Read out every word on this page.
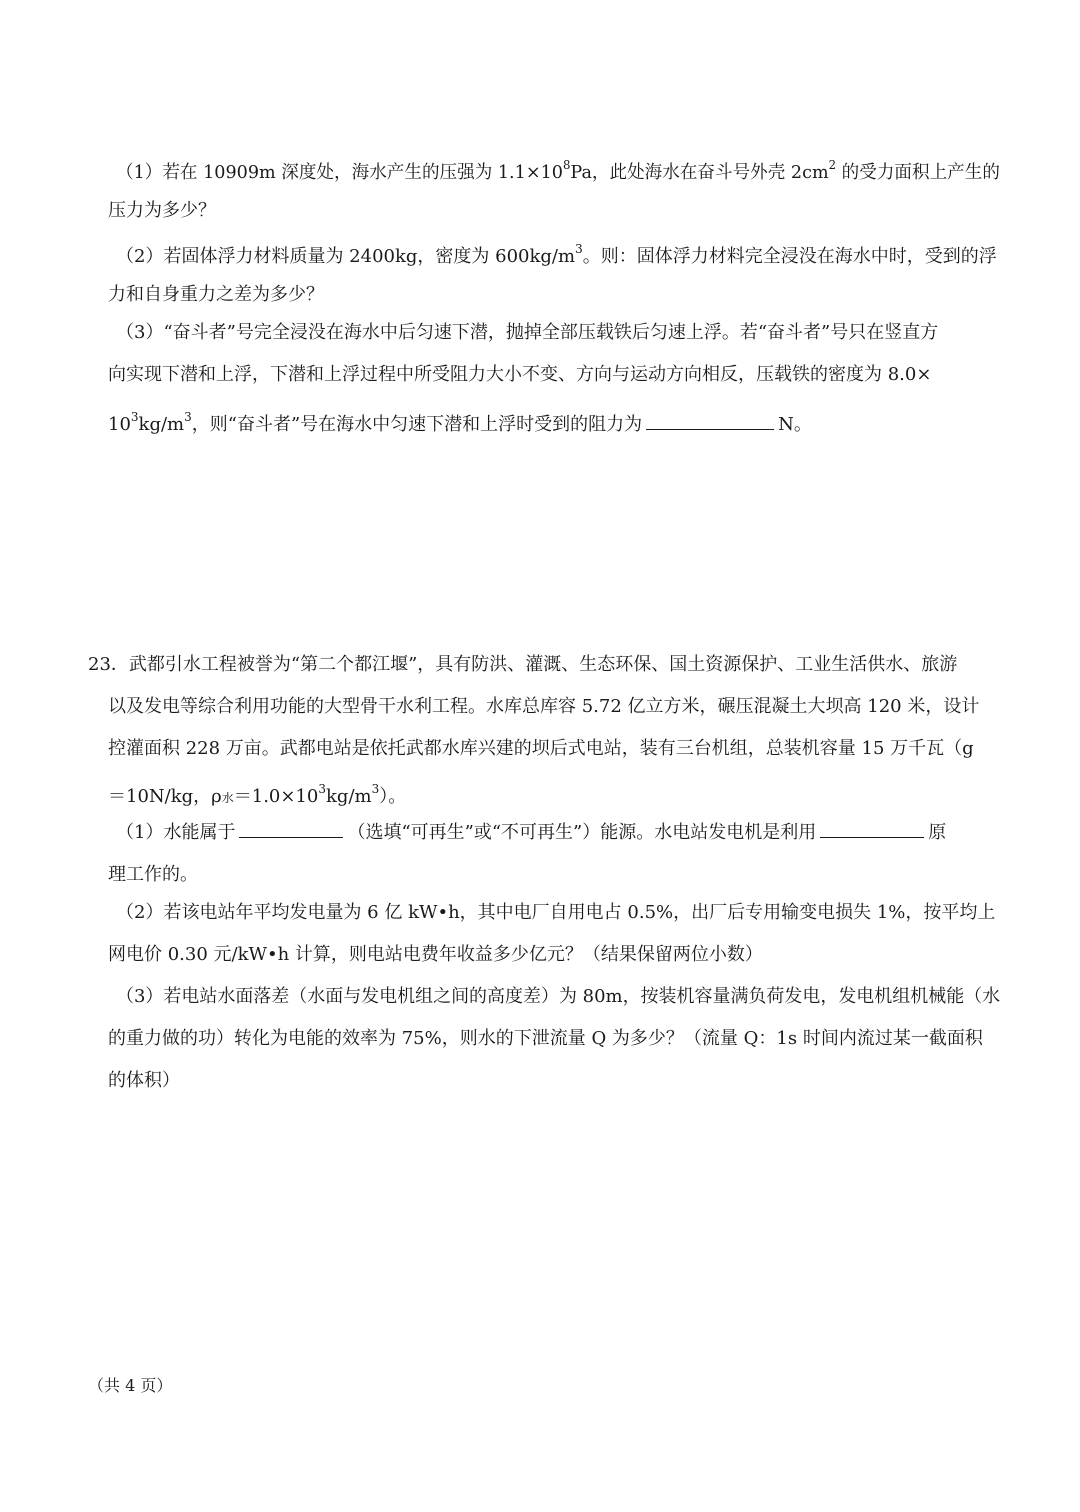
（1）若在 10909m 深度处，海水产生的压强为 $1.1\times 10^8Pa$，此处海水在奋斗号外壳 $2cm^2$ 的受力面积上产生的
压力为多少？
（2）若固体浮力材料质量为 2400kg，密度为 $600kg/m^3$。则：固体浮力材料完全浸没在海水中时，受到的浮
力和自身重力之差为多少？
（3）“奋斗者”号完全浸没在海水中后匀速下潜，抛掉全部压载铁后匀速上浮。若“奋斗者”号只在竖直方
向实现下潜和上浮，下潜和上浮过程中所受阻力大小不变、方向与运动方向相反，压载铁的密度为 8.0×
$10^3kg/m^3$，则“奋斗者”号在海水中匀速下潜和上浮时受到的阻力为	N。
23．武都引水工程被誉为“第二个都江堰”，具有防洪、灌溉、生态环保、国土资源保护、工业生活供水、旅游
以及发电等综合利用功能的大型骨干水利工程。水库总库容 5.72 亿立方米，碾压混凝土大坝高 120 米，设计
控灌面积 228 万亩。武都电站是依托武都水库兴建的坝后式电站，装有三台机组，总装机容量 15 万千瓦（g
＝10N/kg，ρ水$=1.0\times 10^3kg/m^3$）。
（1）水能属于	（选填“可再生”或“不可再生”）能源。水电站发电机是利用	原
理工作的。
（2）若该电站年平均发电量为 6 亿 kW•h，其中电厂自用电占 0.5%，出厂后专用输变电损失 1%，按平均上
网电价 0.30 元/kW•h 计算，则电站电费年收益多少亿元？（结果保留两位小数）
（3）若电站水面落差（水面与发电机组之间的高度差）为 80m，按装机容量满负荷发电，发电机组机械能（水
的重力做的功）转化为电能的效率为 75%，则水的下泄流量 Q 为多少？（流量 Q：1s 时间内流过某一截面积
的体积）
（共 4 页）
